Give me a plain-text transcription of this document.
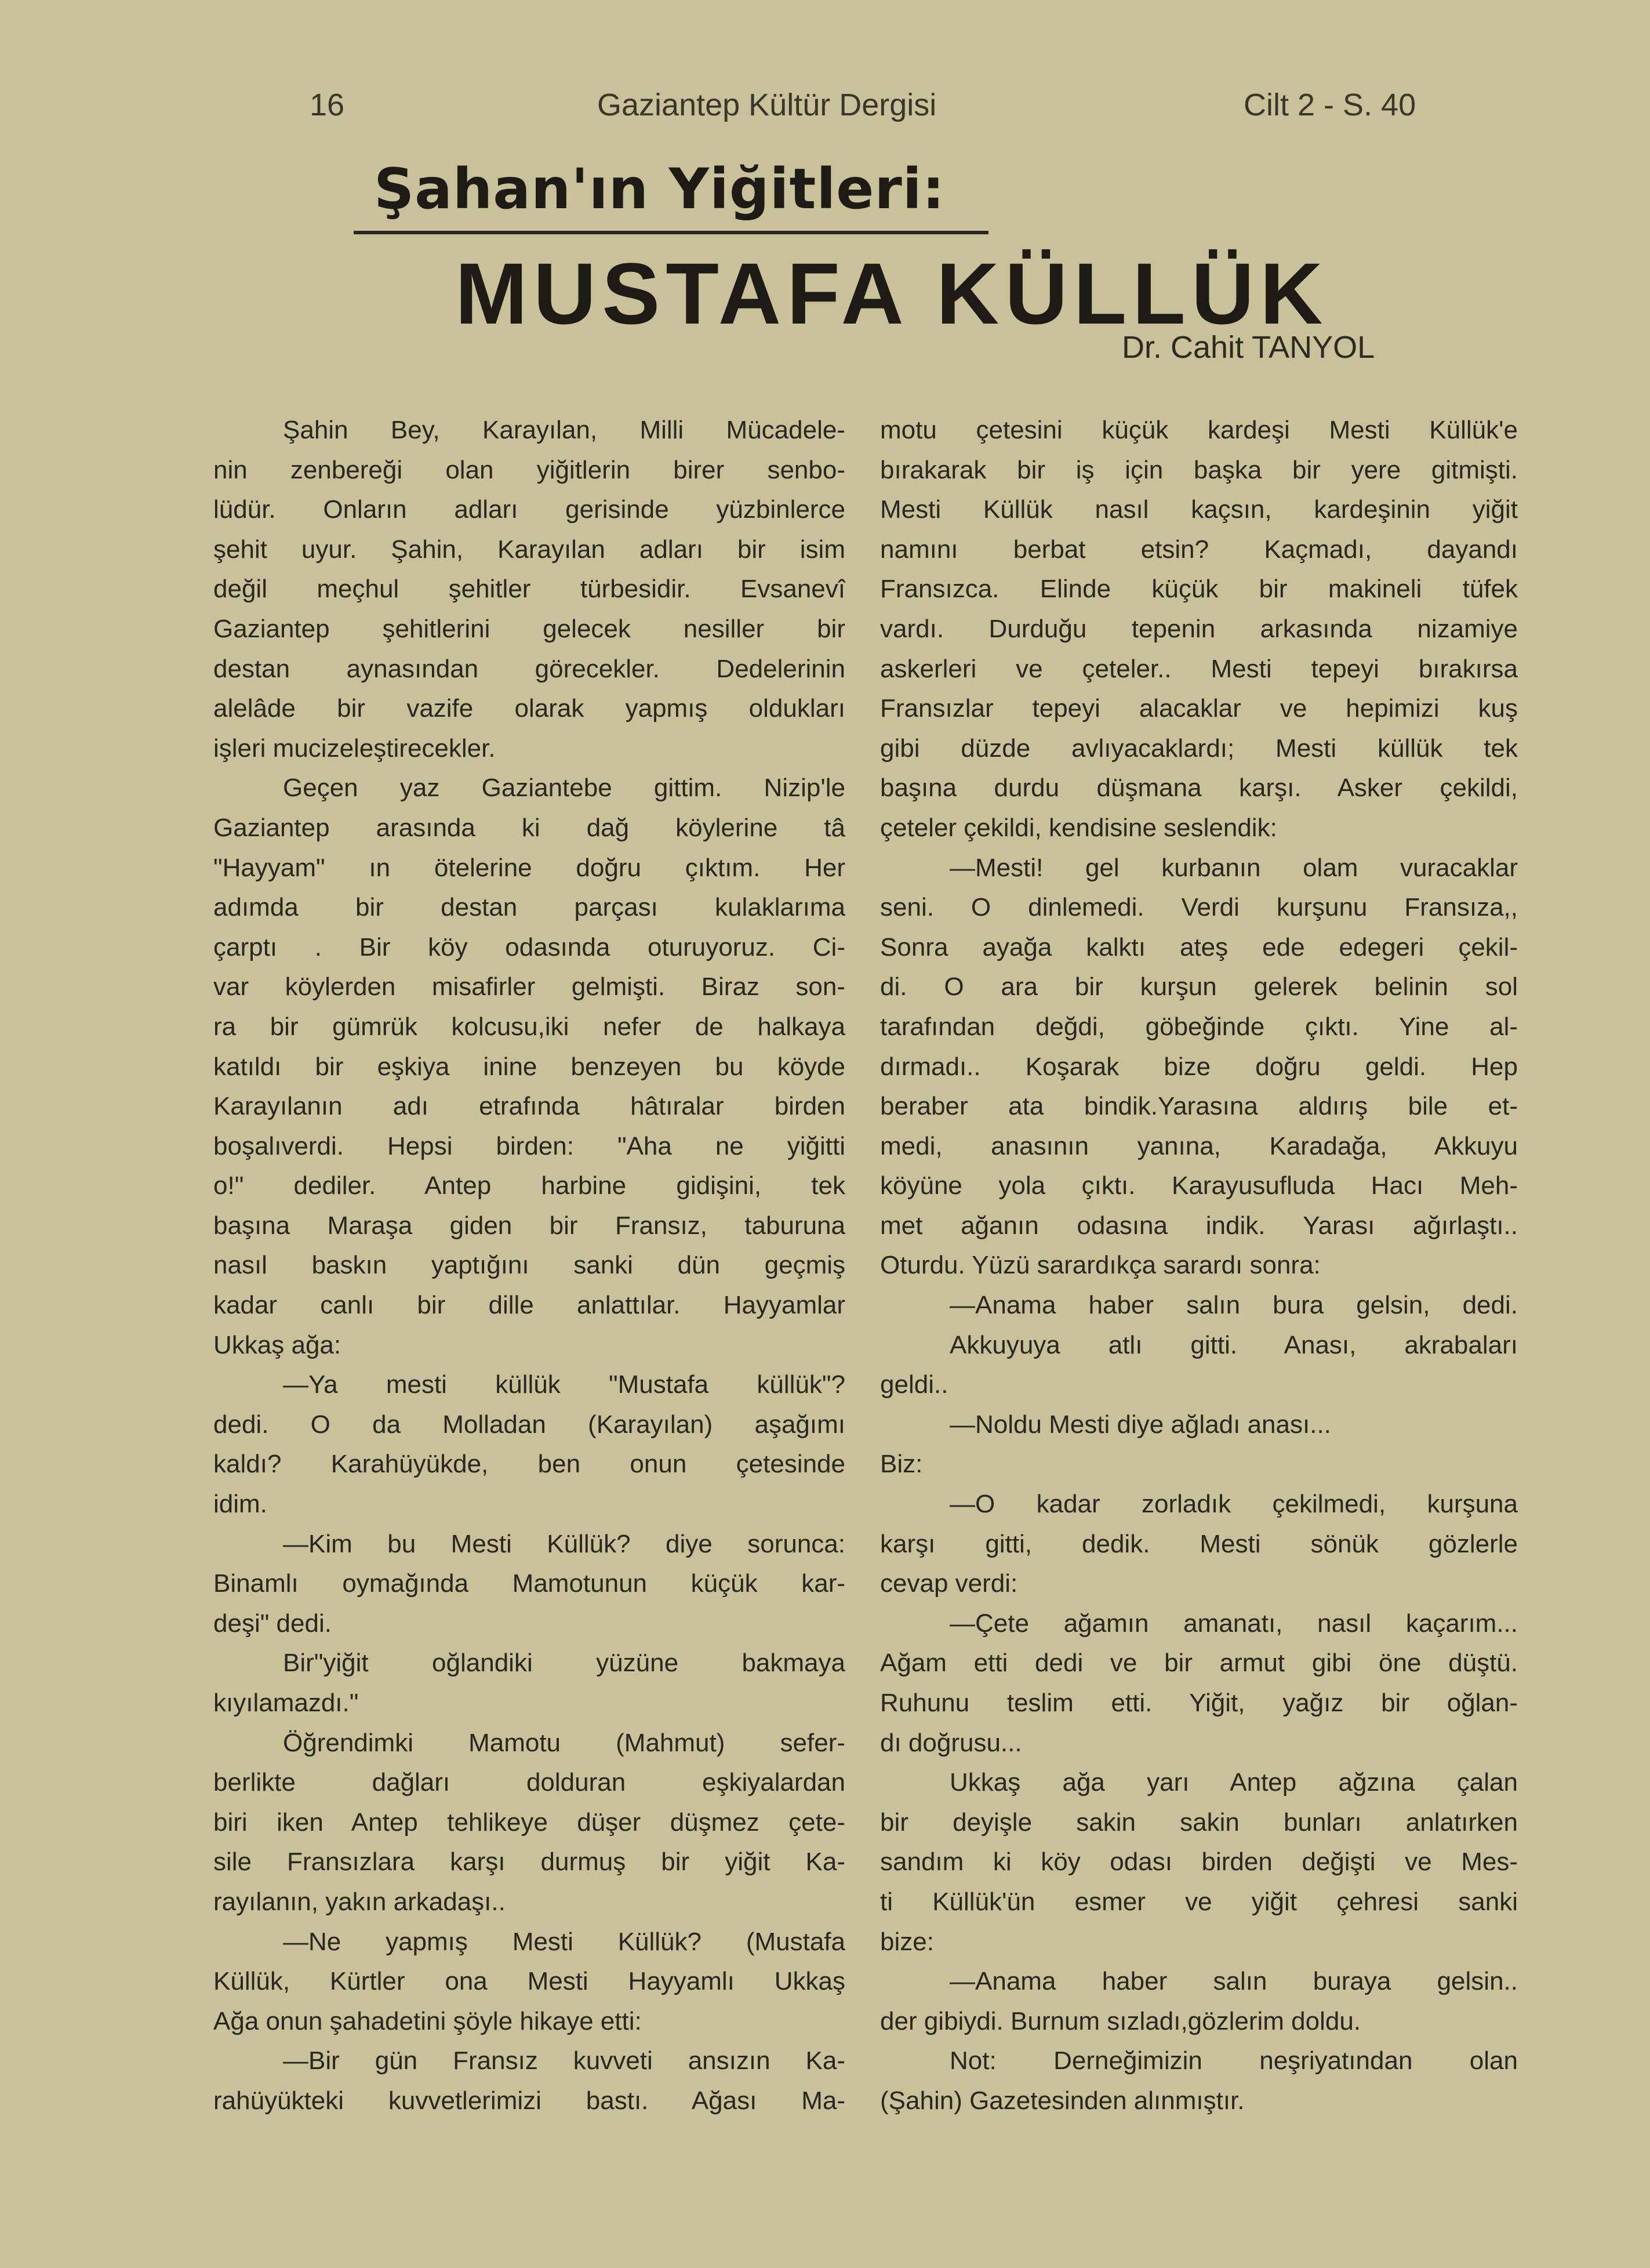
16	Gaziantep Kültür Dergisi	Cilt 2 - S. 40
Şahan'ın Yiğitleri:
MUSTAFA KÜLLÜK
Dr. Cahit TANYOL
Şahin Bey, Karayılan, Milli Mücadele-
nin zenbereği olan yiğitlerin birer senbo-
lüdür. Onların adları gerisinde yüzbinlerce
şehit uyur. Şahin, Karayılan adları bir isim
değil meçhul şehitler türbesidir. Evsanevî
Gaziantep şehitlerini gelecek nesiller bir
destan aynasından görecekler. Dedelerinin
alelâde bir vazife olarak yapmış oldukları
işleri mucizeleştirecekler.
Geçen yaz Gaziantebe gittim. Nizip'le
Gaziantep arasında ki dağ köylerine tâ
"Hayyam" ın ötelerine doğru çıktım. Her
adımda bir destan parçası kulaklarıma
çarptı . Bir köy odasında oturuyoruz. Ci-
var köylerden misafirler gelmişti. Biraz son-
ra bir gümrük kolcusu,iki nefer de halkaya
katıldı bir eşkiya inine benzeyen bu köyde
Karayılanın adı etrafında hâtıralar birden
boşalıverdi. Hepsi birden: "Aha ne yiğitti
o!" dediler. Antep harbine gidişini, tek
başına Maraşa giden bir Fransız, taburuna
nasıl baskın yaptığını sanki dün geçmiş
kadar canlı bir dille anlattılar. Hayyamlar
Ukkaş ağa:
—Ya mesti küllük "Mustafa küllük"?
dedi. O da Molladan (Karayılan) aşağımı
kaldı? Karahüyükde, ben onun çetesinde
idim.
—Kim bu Mesti Küllük? diye sorunca:
Binamlı oymağında Mamotunun küçük kar-
deşi" dedi.
Bir"yiğit oğlandiki yüzüne bakmaya
kıyılamazdı."
Öğrendimki Mamotu (Mahmut) sefer-
berlikte dağları dolduran eşkiyalardan
biri iken Antep tehlikeye düşer düşmez çete-
sile Fransızlara karşı durmuş bir yiğit Ka-
rayılanın, yakın arkadaşı..
—Ne yapmış Mesti Küllük? (Mustafa
Küllük, Kürtler ona Mesti Hayyamlı Ukkaş
Ağa onun şahadetini şöyle hikaye etti:
—Bir gün Fransız kuvveti ansızın Ka-
rahüyükteki kuvvetlerimizi bastı. Ağası Ma-
motu çetesini küçük kardeşi Mesti Küllük'e
bırakarak bir iş için başka bir yere gitmişti.
Mesti Küllük nasıl kaçsın, kardeşinin yiğit
namını berbat etsin? Kaçmadı, dayandı
Fransızca. Elinde küçük bir makineli tüfek
vardı. Durduğu tepenin arkasında nizamiye
askerleri ve çeteler.. Mesti tepeyi bırakırsa
Fransızlar tepeyi alacaklar ve hepimizi kuş
gibi düzde avlıyacaklardı; Mesti küllük tek
başına durdu düşmana karşı. Asker çekildi,
çeteler çekildi, kendisine seslendik:
—Mesti! gel kurbanın olam vuracaklar
seni. O dinlemedi. Verdi kurşunu Fransıza,,
Sonra ayağa kalktı ateş ede edegeri çekil-
di. O ara bir kurşun gelerek belinin sol
tarafından değdi, göbeğinde çıktı. Yine al-
dırmadı.. Koşarak bize doğru geldi. Hep
beraber ata bindik.Yarasına aldırış bile et-
medi, anasının yanına, Karadağa, Akkuyu
köyüne yola çıktı. Karayusufluda Hacı Meh-
met ağanın odasına indik. Yarası ağırlaştı..
Oturdu. Yüzü sarardıkça sarardı sonra:
—Anama haber salın bura gelsin, dedi.
Akkuyuya atlı gitti. Anası, akrabaları
geldi..
—Noldu Mesti diye ağladı anası...
Biz:
—O kadar zorladık çekilmedi, kurşuna
karşı gitti, dedik. Mesti sönük gözlerle
cevap verdi:
—Çete ağamın amanatı, nasıl kaçarım...
Ağam etti dedi ve bir armut gibi öne düştü.
Ruhunu teslim etti. Yiğit, yağız bir oğlan-
dı doğrusu...
Ukkaş ağa yarı Antep ağzına çalan
bir deyişle sakin sakin bunları anlatırken
sandım ki köy odası birden değişti ve Mes-
ti Küllük'ün esmer ve yiğit çehresi sanki
bize:
—Anama haber salın buraya gelsin..
der gibiydi. Burnum sızladı,gözlerim doldu.
Not: Derneğimizin neşriyatından olan
(Şahin) Gazetesinden alınmıştır.
